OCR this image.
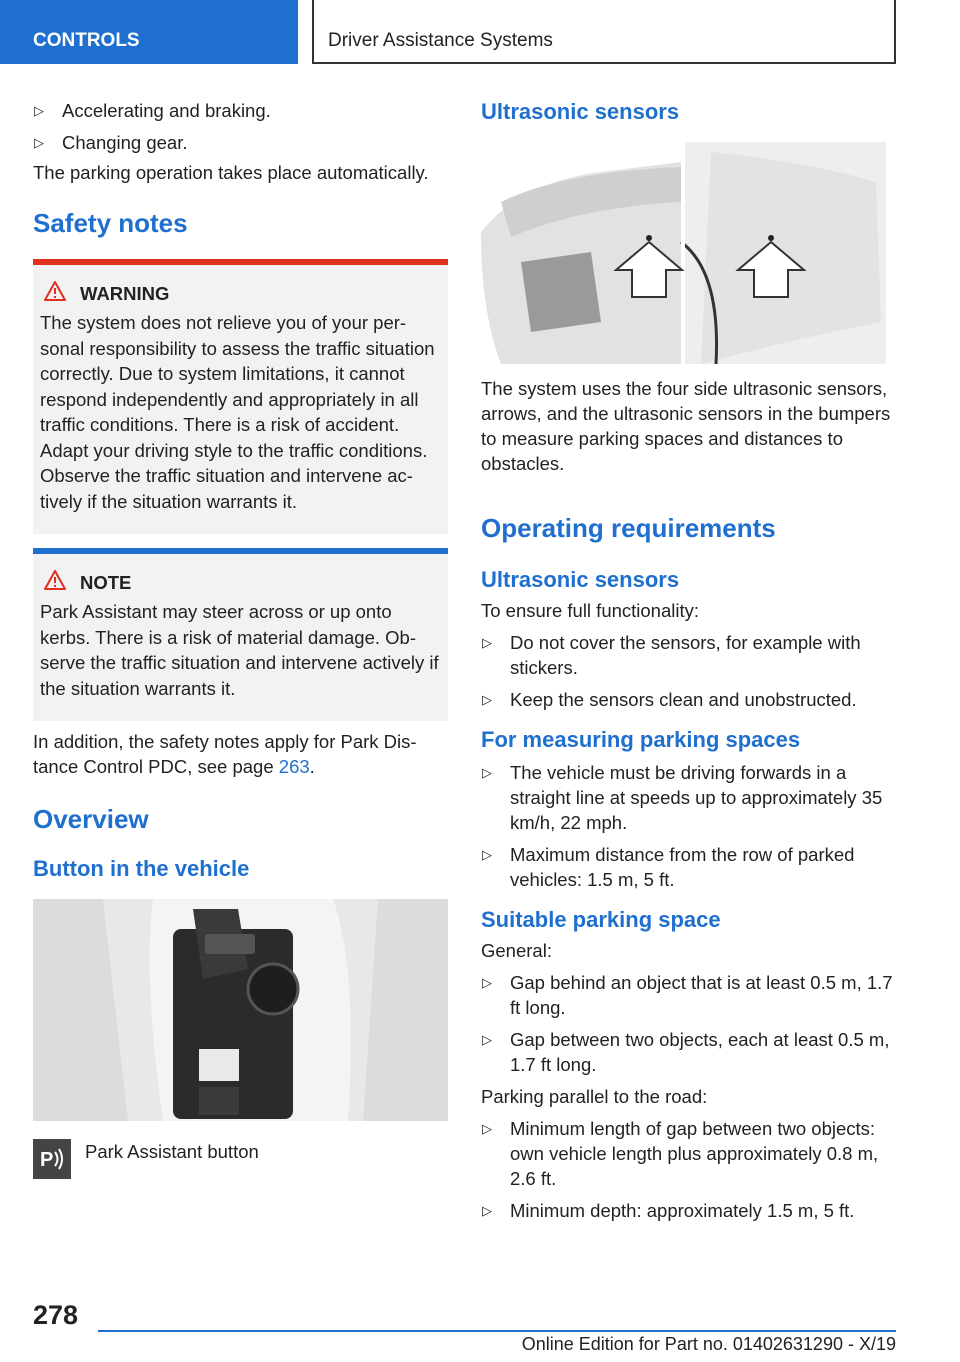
CONTROLS	Driver Assistance Systems
▷ Accelerating and braking.
▷ Changing gear.

The parking operation takes place automatically.

Safety notes
WARNING

The system does not relieve you of your personal responsibility to assess the traffic situation correctly. Due to system limitations, it cannot respond independently and appropriately in all traffic conditions. There is a risk of accident. Adapt your driving style to the traffic conditions. Observe the traffic situation and intervene actively if the situation warrants it.

NOTE

Park Assistant may steer across or up onto kerbs. There is a risk of material damage. Observe the traffic situation and intervene actively if the situation warrants it.

In addition, the safety notes apply for Park Distance Control PDC, see page 263.

Overview
Button in the vehicle
P Park Assistant button

Ultrasonic sensors

The system uses the four side ultrasonic sensors, arrows, and the ultrasonic sensors in the bumpers to measure parking spaces and distances to obstacles.

Operating requirements
Ultrasonic sensors

To ensure full functionality:

▷ Do not cover the sensors, for example with stickers.
▷ Keep the sensors clean and unobstructed.
For measuring parking spaces
▷ The vehicle must be driving forwards in a straight line at speeds up to approximately 35 km/h, 22 mph.
▷ Maximum distance from the row of parked vehicles: 1.5 m, 5 ft.
Suitable parking space

General:

▷ Gap behind an object that is at least 0.5 m, 1.7 ft long.
▷ Gap between two objects, each at least 0.5 m, 1.7 ft long.

Parking parallel to the road:

▷ Minimum length of gap between two objects: own vehicle length plus approximately 0.8 m, 2.6 ft.
▷ Minimum depth: approximately 1.5 m, 5 ft.
278
Online Edition for Part no. 01402631290 - X/19
